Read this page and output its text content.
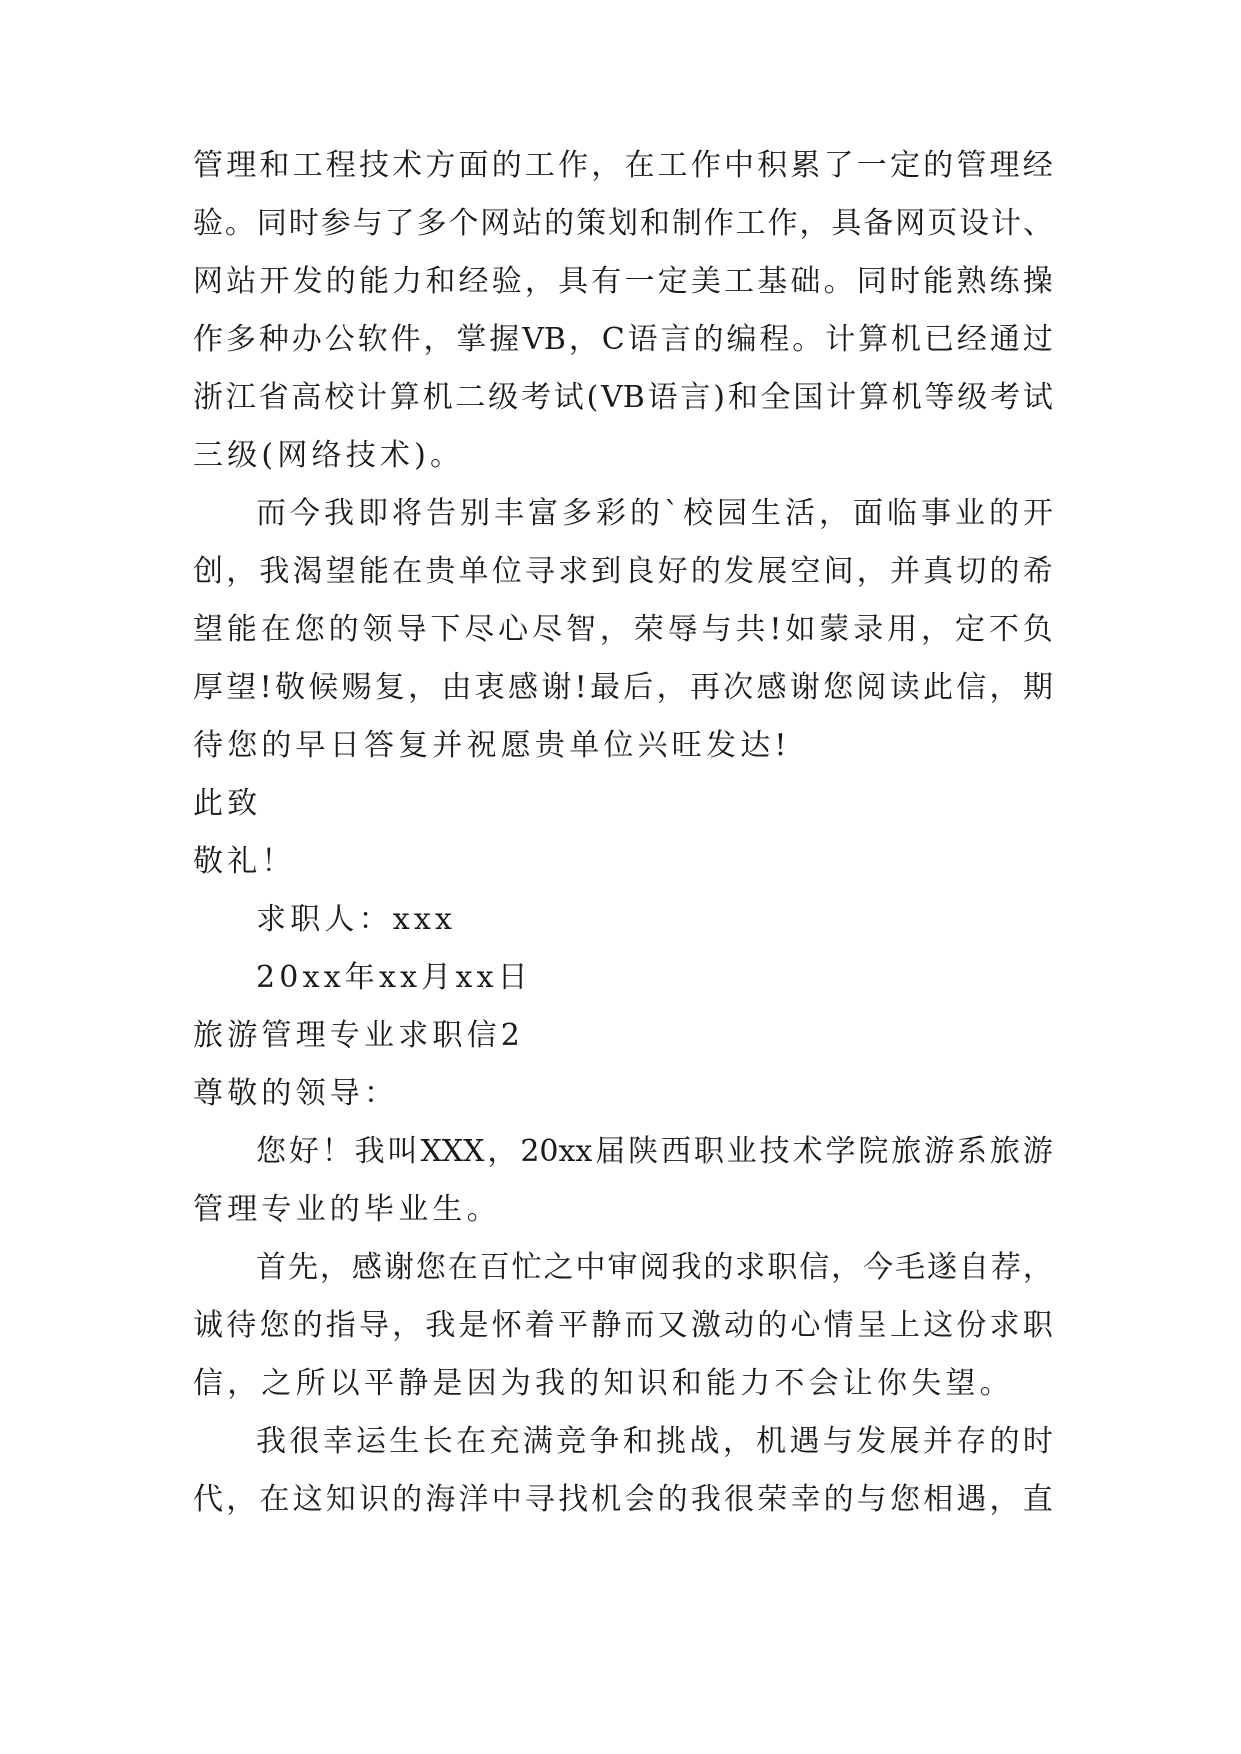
管 理 和 工 程 技 术 方 面 的 工 作 ， 在 工 作 中 积 累 了 一 定 的 管 理 经
验 。 同 时 参 与 了 多 个 网 站 的 策 划 和 制 作 工 作 ， 具 备 网 页 设 计 、
网 站 开 发 的 能 力 和 经 验 ， 具 有 一 定 美 工 基 础 。 同 时 能 熟 练 操
作 多 种 办 公 软 件 ， 掌 握 VB ， C 语 言 的 编 程 。 计 算 机 已 经 通 过
浙 江 省 高 校 计 算 机 二 级 考 试 ( VB 语 言 ) 和 全 国 计 算 机 等 级 考 试
三级(网络技术)。
而 今 我 即 将 告 别 丰 富 多 彩 的 ` 校 园 生 活 ， 面 临 事 业 的 开
创 ， 我 渴 望 能 在 贵 单 位 寻 求 到 良 好 的 发 展 空 间 ， 并 真 切 的 希
望 能 在 您 的 领 导 下 尽 心 尽 智 ， 荣 辱 与 共 ! 如 蒙 录 用 ， 定 不 负
厚 望 ! 敬 候 赐 复 ， 由 衷 感 谢 ! 最 后 ， 再 次 感 谢 您 阅 读 此 信 ， 期
待您的早日答复并祝愿贵单位兴旺发达!
此致
敬礼！
求职人：xxx
20xx年xx月xx日
旅游管理专业求职信2
尊敬的领导：
您 好 ！ 我 叫 XXX ， 20xx 届 陕 西 职 业 技 术 学 院 旅 游 系 旅 游
管理专业的毕业生。
首 先 ， 感 谢 您 在 百 忙 之 中 审 阅 我 的 求 职 信 ， 今 毛 遂 自 荐 ，
诚 待 您 的 指 导 ， 我 是 怀 着 平 静 而 又 激 动 的 心 情 呈 上 这 份 求 职
信，之所以平静是因为我的知识和能力不会让你失望。
我 很 幸 运 生 长 在 充 满 竞 争 和 挑 战 ， 机 遇 与 发 展 并 存 的 时
代 ， 在 这 知 识 的 海 洋 中 寻 找 机 会 的 我 很 荣 幸 的 与 您 相 遇 ， 直
